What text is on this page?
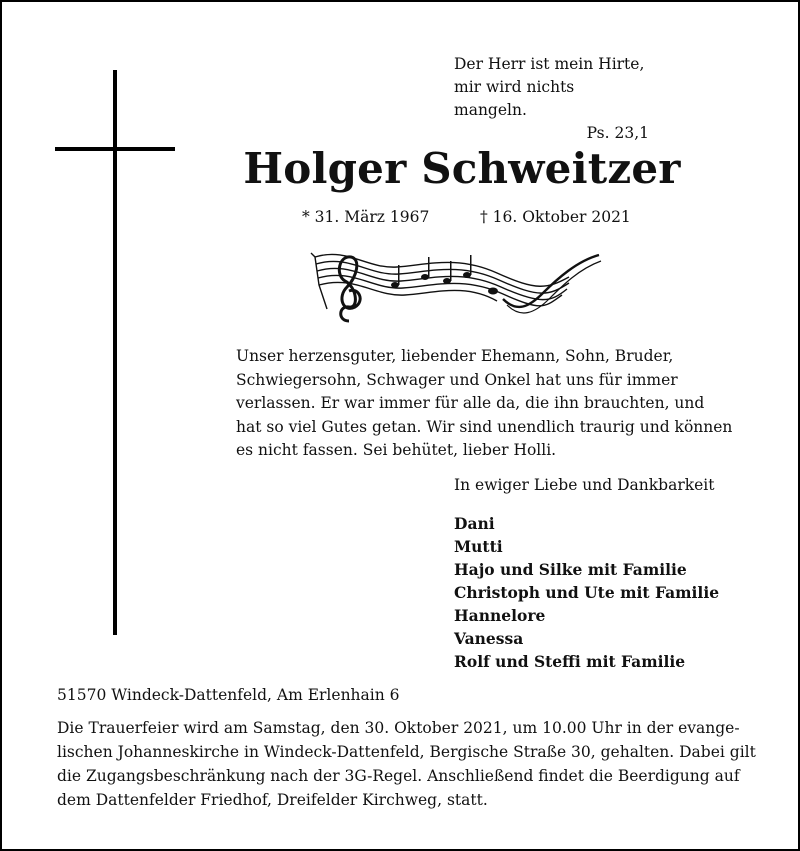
Der Herr ist mein Hirte,
mir wird nichts mangeln.
Ps. 23,1
Holger Schweitzer
* 31. März 1967	† 16. Oktober 2021
Unser herzensguter, liebender Ehemann, Sohn, Bruder,
Schwiegersohn, Schwager und Onkel hat uns für immer
verlassen. Er war immer für alle da, die ihn brauchten, und
hat so viel Gutes getan. Wir sind unendlich traurig und können
es nicht fassen. Sei behütet, lieber Holli.
In ewiger Liebe und Dankbarkeit
Dani
Mutti
Hajo und Silke mit Familie
Christoph und Ute mit Familie
Hannelore
Vanessa
Rolf und Steffi mit Familie
51570 Windeck-Dattenfeld, Am Erlenhain 6
Die Trauerfeier wird am Samstag, den 30. Oktober 2021, um 10.00 Uhr in der evange-
lischen Johanneskirche in Windeck-Dattenfeld, Bergische Straße 30, gehalten. Dabei gilt
die Zugangsbeschränkung nach der 3G-Regel. Anschließend findet die Beerdigung auf
dem Dattenfelder Friedhof, Dreifelder Kirchweg, statt.
